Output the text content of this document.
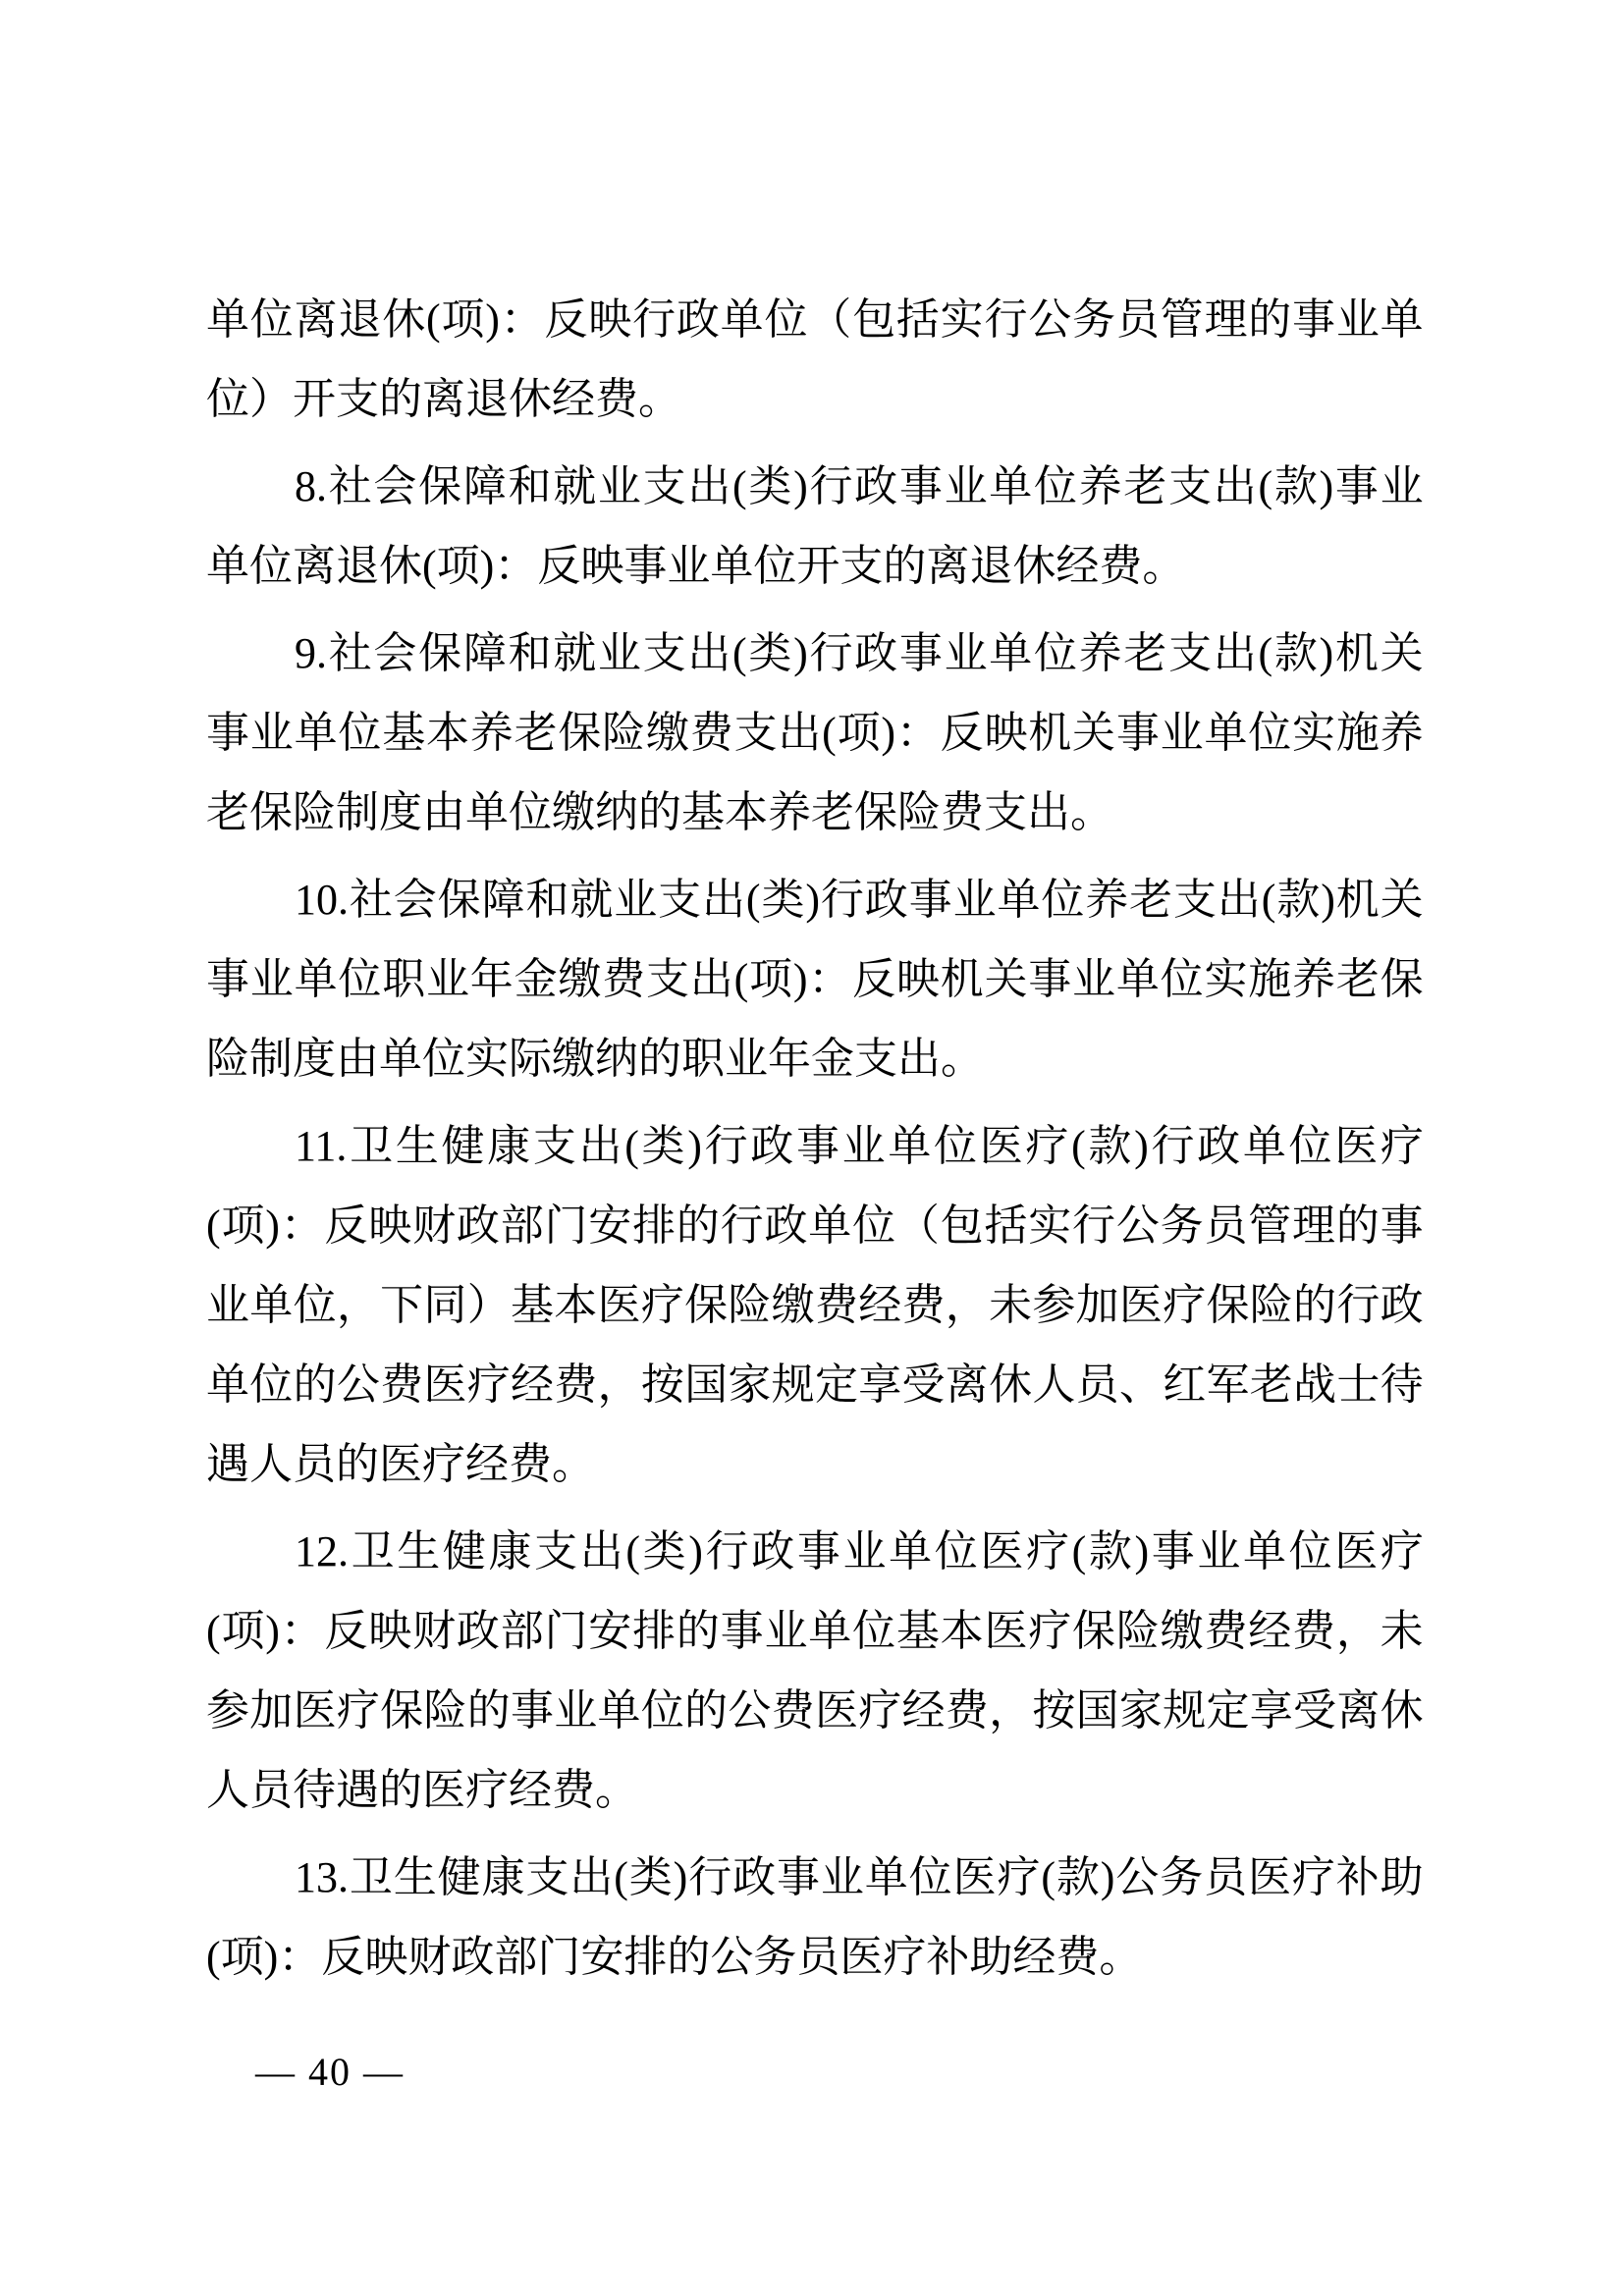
单 位 离 退 休 ( 项 ) ： 反 映 行 政 单 位 （ 包 括 实 行 公 务 员 管 理 的 事 业 单
位）开支的离退休经费。
8. 社 会 保 障 和 就 业 支 出 ( 类 ) 行 政 事 业 单 位 养 老 支 出 ( 款 ) 事 业
单位离退休(项)：反映事业单位开支的离退休经费。
9. 社 会 保 障 和 就 业 支 出 ( 类 ) 行 政 事 业 单 位 养 老 支 出 ( 款 ) 机 关
事 业 单 位 基 本 养 老 保 险 缴 费 支 出 ( 项 ) ： 反 映 机 关 事 业 单 位 实 施 养
老保险制度由单位缴纳的基本养老保险费支出。
10. 社 会 保 障 和 就 业 支 出 ( 类 ) 行 政 事 业 单 位 养 老 支 出 ( 款 ) 机 关
事 业 单 位 职 业 年 金 缴 费 支 出 ( 项 ) ： 反 映 机 关 事 业 单 位 实 施 养 老 保
险制度由单位实际缴纳的职业年金支出。
11. 卫 生 健 康 支 出 ( 类 ) 行 政 事 业 单 位 医 疗 ( 款 ) 行 政 单 位 医 疗
( 项 ) ： 反 映 财 政 部 门 安 排 的 行 政 单 位 （ 包 括 实 行 公 务 员 管 理 的 事
业 单 位 ， 下 同 ） 基 本 医 疗 保 险 缴 费 经 费 ， 未 参 加 医 疗 保 险 的 行 政
单 位 的 公 费 医 疗 经 费 ， 按 国 家 规 定 享 受 离 休 人 员 、 红 军 老 战 士 待
遇人员的医疗经费。
12. 卫 生 健 康 支 出 ( 类 ) 行 政 事 业 单 位 医 疗 ( 款 ) 事 业 单 位 医 疗
( 项 ) ： 反 映 财 政 部 门 安 排 的 事 业 单 位 基 本 医 疗 保 险 缴 费 经 费 ， 未
参 加 医 疗 保 险 的 事 业 单 位 的 公 费 医 疗 经 费 ， 按 国 家 规 定 享 受 离 休
人员待遇的医疗经费。
13. 卫 生 健 康 支 出 ( 类 ) 行 政 事 业 单 位 医 疗 ( 款 ) 公 务 员 医 疗 补 助
(项)：反映财政部门安排的公务员医疗补助经费。
— 40 —
